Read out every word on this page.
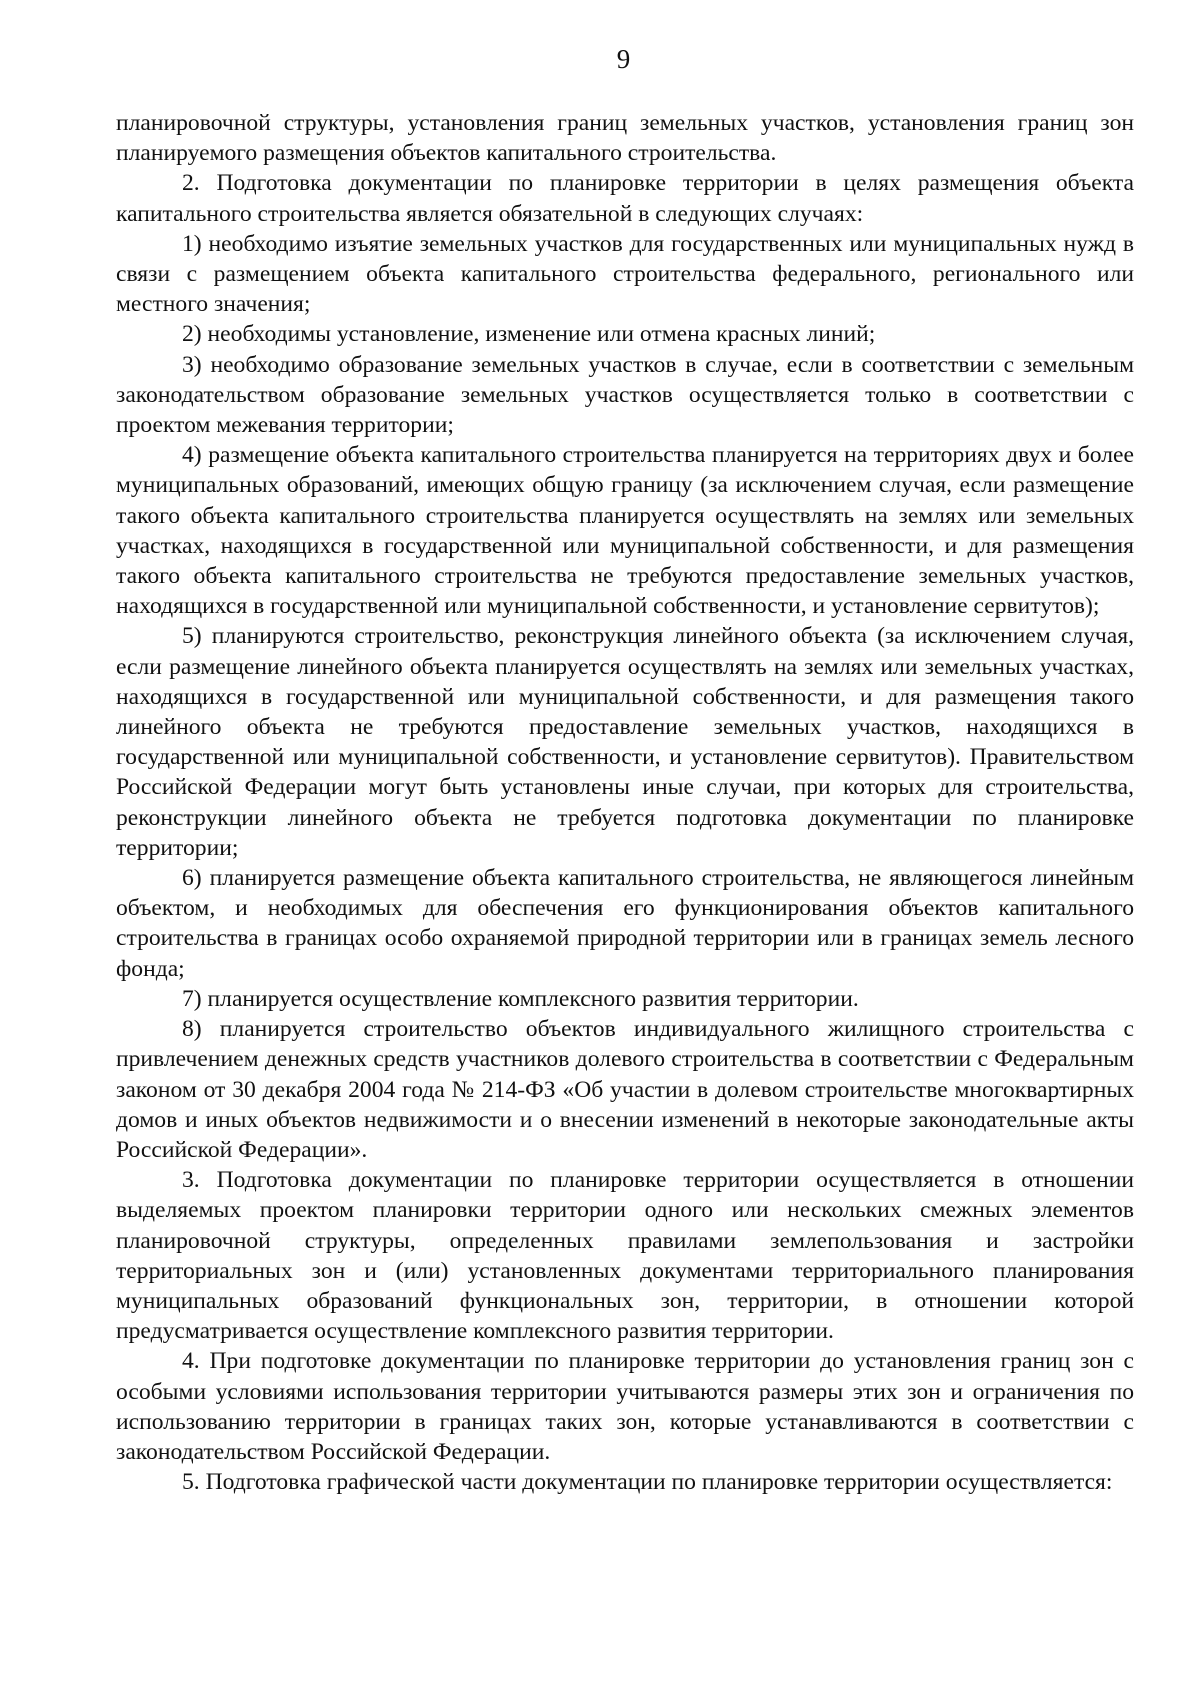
9

планировочной структуры, установления границ земельных участков, установления границ зон планируемого размещения объектов капитального строительства.

2. Подготовка документации по планировке территории в целях размещения объекта капитального строительства является обязательной в следующих случаях:

1) необходимо изъятие земельных участков для государственных или муниципальных нужд в связи с размещением объекта капитального строительства федерального, регионального или местного значения;

2) необходимы установление, изменение или отмена красных линий;

3) необходимо образование земельных участков в случае, если в соответствии с земельным законодательством образование земельных участков осуществляется только в соответствии с проектом межевания территории;

4) размещение объекта капитального строительства планируется на территориях двух и более муниципальных образований, имеющих общую границу (за исключением случая, если размещение такого объекта капитального строительства планируется осуществлять на землях или земельных участках, находящихся в государственной или муниципальной собственности, и для размещения такого объекта капитального строительства не требуются предоставление земельных участков, находящихся в государственной или муниципальной собственности, и установление сервитутов);

5) планируются строительство, реконструкция линейного объекта (за исключением случая, если размещение линейного объекта планируется осуществлять на землях или земельных участках, находящихся в государственной или муниципальной собственности, и для размещения такого линейного объекта не требуются предоставление земельных участков, находящихся в государственной или муниципальной собственности, и установление сервитутов). Правительством Российской Федерации могут быть установлены иные случаи, при которых для строительства, реконструкции линейного объекта не требуется подготовка документации по планировке территории;

6) планируется размещение объекта капитального строительства, не являющегося линейным объектом, и необходимых для обеспечения его функционирования объектов капитального строительства в границах особо охраняемой природной территории или в границах земель лесного фонда;

7) планируется осуществление комплексного развития территории.

8) планируется строительство объектов индивидуального жилищного строительства с привлечением денежных средств участников долевого строительства в соответствии с Федеральным законом от 30 декабря 2004 года № 214-ФЗ «Об участии в долевом строительстве многоквартирных домов и иных объектов недвижимости и о внесении изменений в некоторые законодательные акты Российской Федерации».

3. Подготовка документации по планировке территории осуществляется в отношении выделяемых проектом планировки территории одного или нескольких смежных элементов планировочной структуры, определенных правилами землепользования и застройки территориальных зон и (или) установленных документами территориального планирования муниципальных образований функциональных зон, территории, в отношении которой предусматривается осуществление комплексного развития территории.

4. При подготовке документации по планировке территории до установления границ зон с особыми условиями использования территории учитываются размеры этих зон и ограничения по использованию территории в границах таких зон, которые устанавливаются в соответствии с законодательством Российской Федерации.

5. Подготовка графической части документации по планировке территории осуществляется:
